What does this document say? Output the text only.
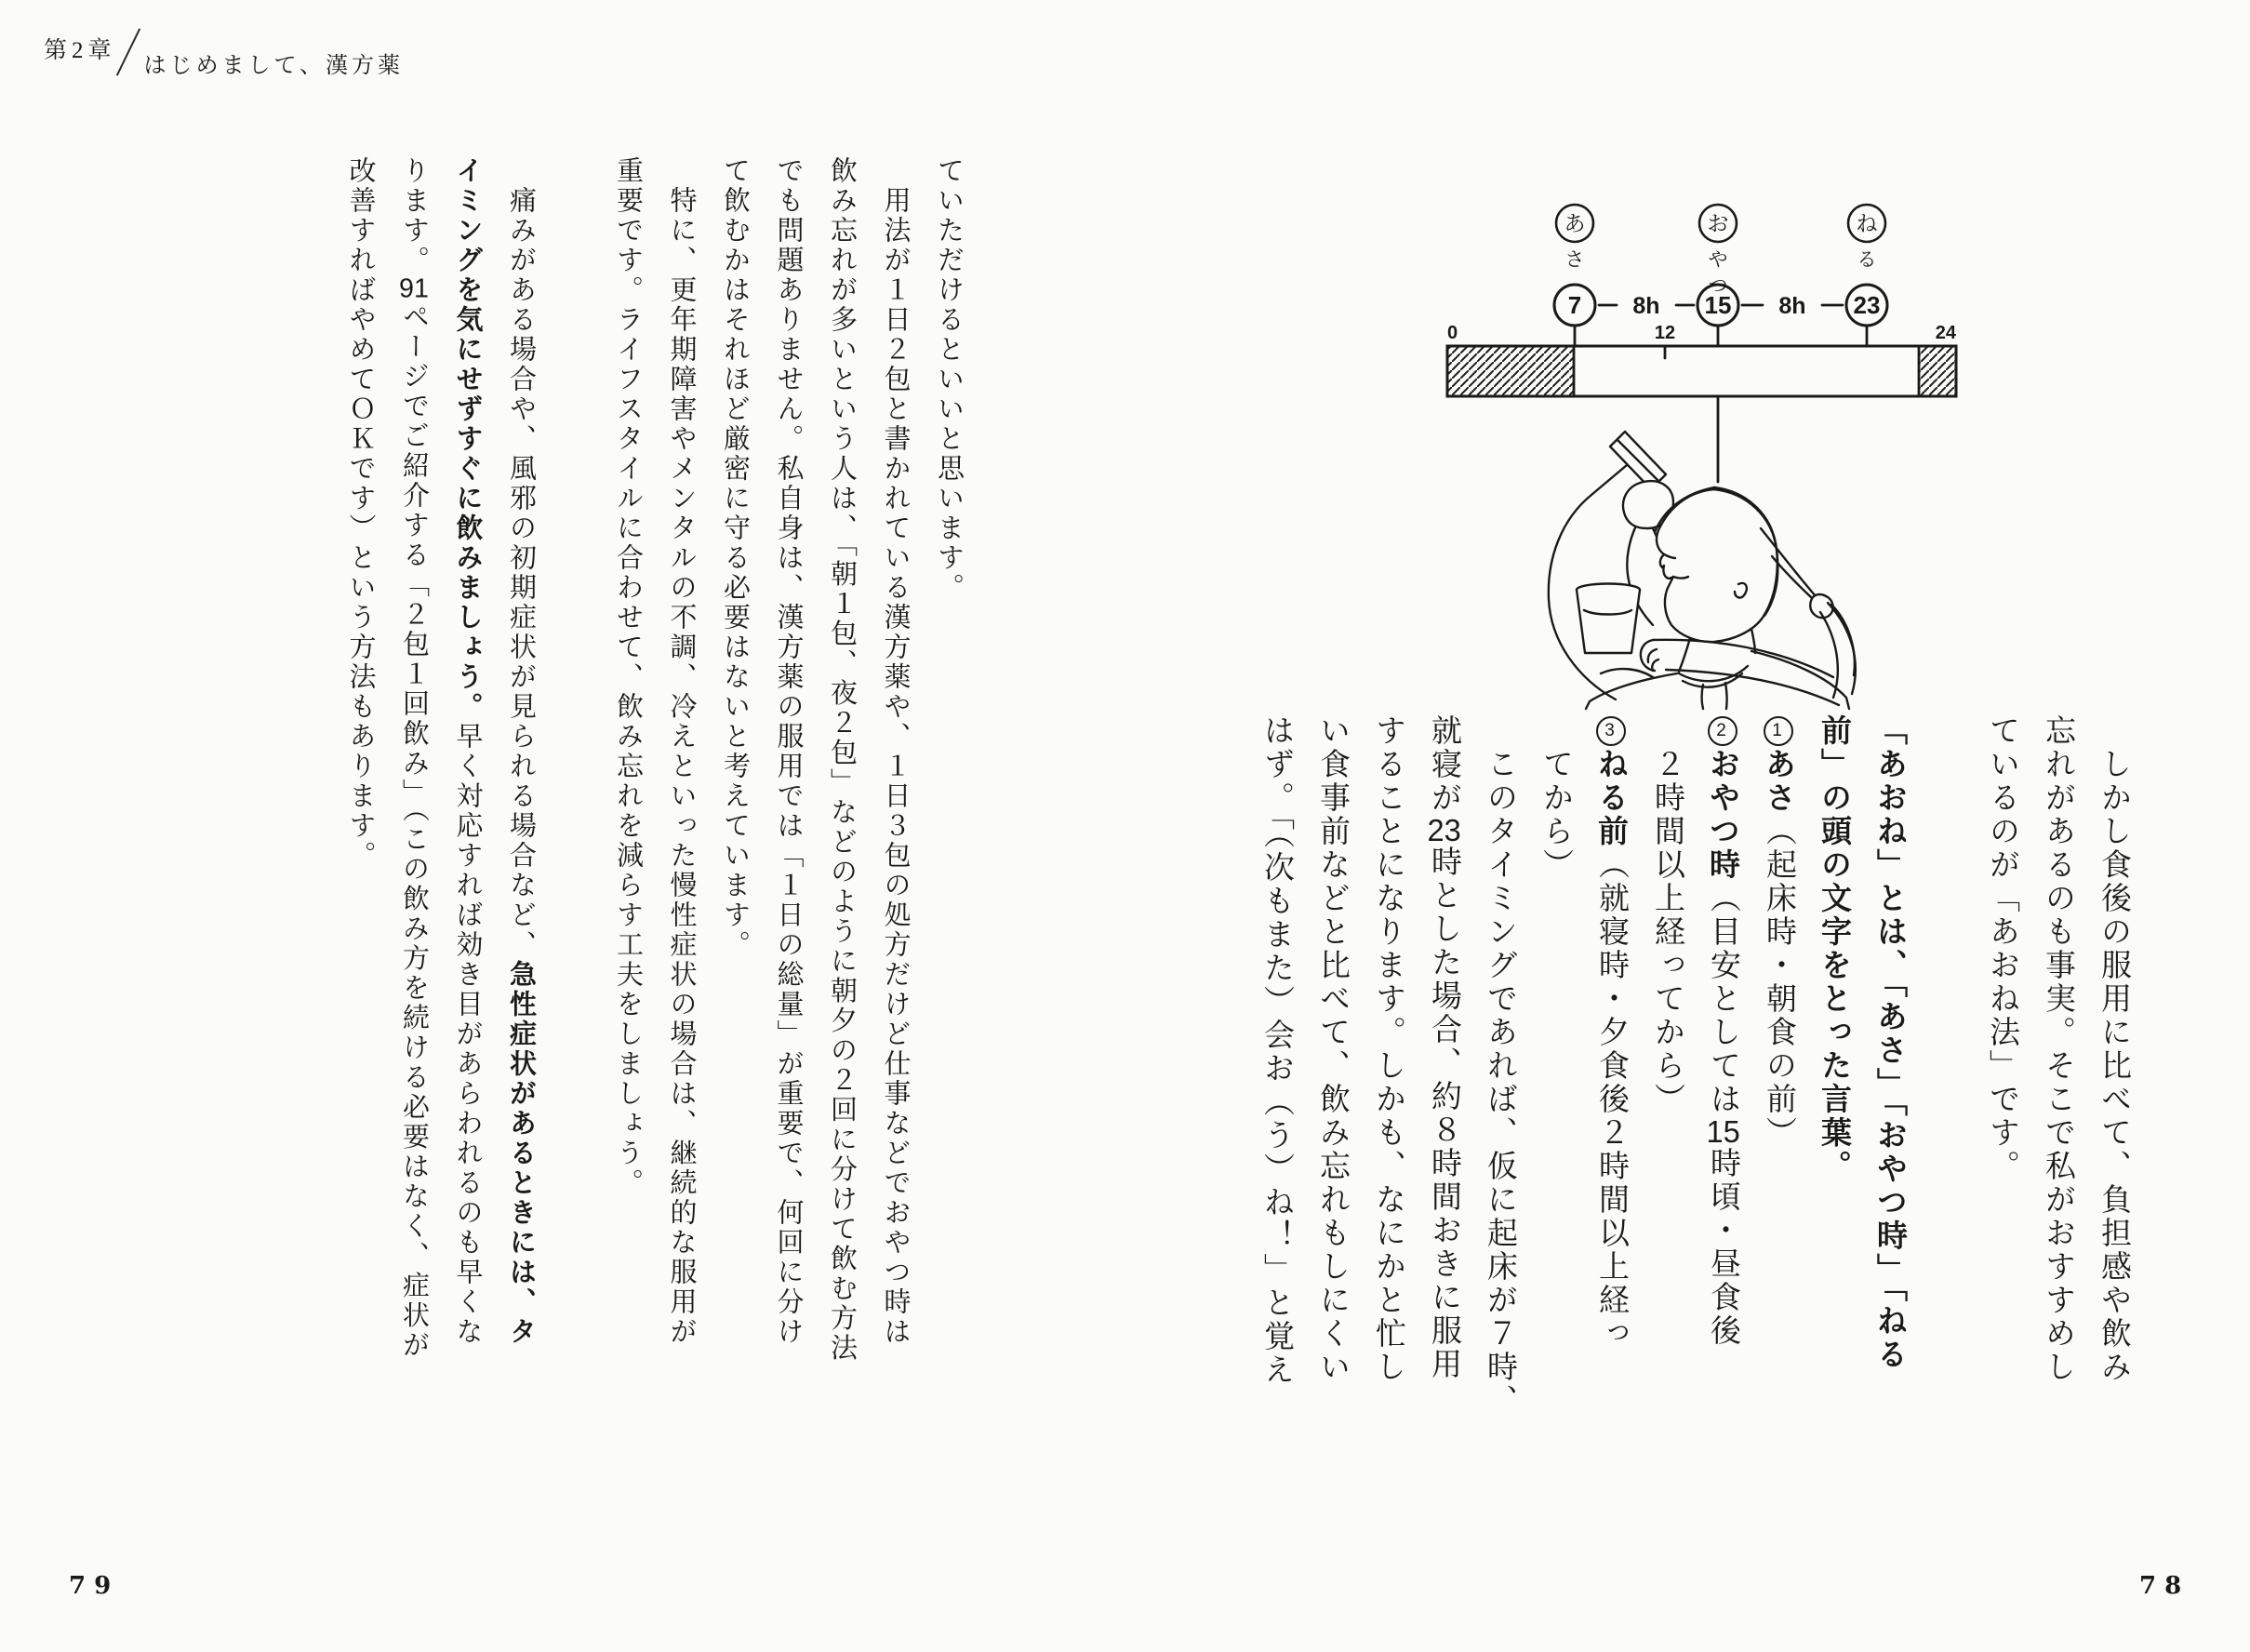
第2章
はじめまして、漢方薬
7	15	23
8h	8h
0	12	24
あ
さ
お
や
つ
ね
る
しかし食後の服用に比べて、負担感や飲み
忘れがあるのも事実。そこで私がおすすめし
ているのが「あおね法」です。
「あおね」とは、「あさ」「おやつ時」「ねる
前」の頭の文字をとった言葉。
1あさ（起床時・朝食の前）
2おやつ時（目安としては15時頃・昼食後
２時間以上経ってから）
3ねる前（就寝時・夕食後２時間以上経っ
てから）
このタイミングであれば、仮に起床が７時、
就寝が23時とした場合、約８時間おきに服用
することになります。しかも、なにかと忙し
い食事前などと比べて、飲み忘れもしにくい
はず。「（次もまた）会お（う）ね！」と覚え
ていただけるといいと思います。
用法が１日２包と書かれている漢方薬や、１日３包の処方だけど仕事などでおやつ時は
飲み忘れが多いという人は、「朝１包、夜２包」などのように朝夕の２回に分けて飲む方法
でも問題ありません。私自身は、漢方薬の服用では「１日の総量」が重要で、何回に分け
て飲むかはそれほど厳密に守る必要はないと考えています。
特に、更年期障害やメンタルの不調、冷えといった慢性症状の場合は、継続的な服用が
重要です。ライフスタイルに合わせて、飲み忘れを減らす工夫をしましょう。
痛みがある場合や、風邪の初期症状が見られる場合など、急性症状があるときには、タ
イミングを気にせずすぐに飲みましょう。早く対応すれば効き目があらわれるのも早くな
ります。91ページでご紹介する「２包１回飲み」（この飲み方を続ける必要はなく、症状が
改善すればやめてＯＫです）という方法もあります。
79	78
